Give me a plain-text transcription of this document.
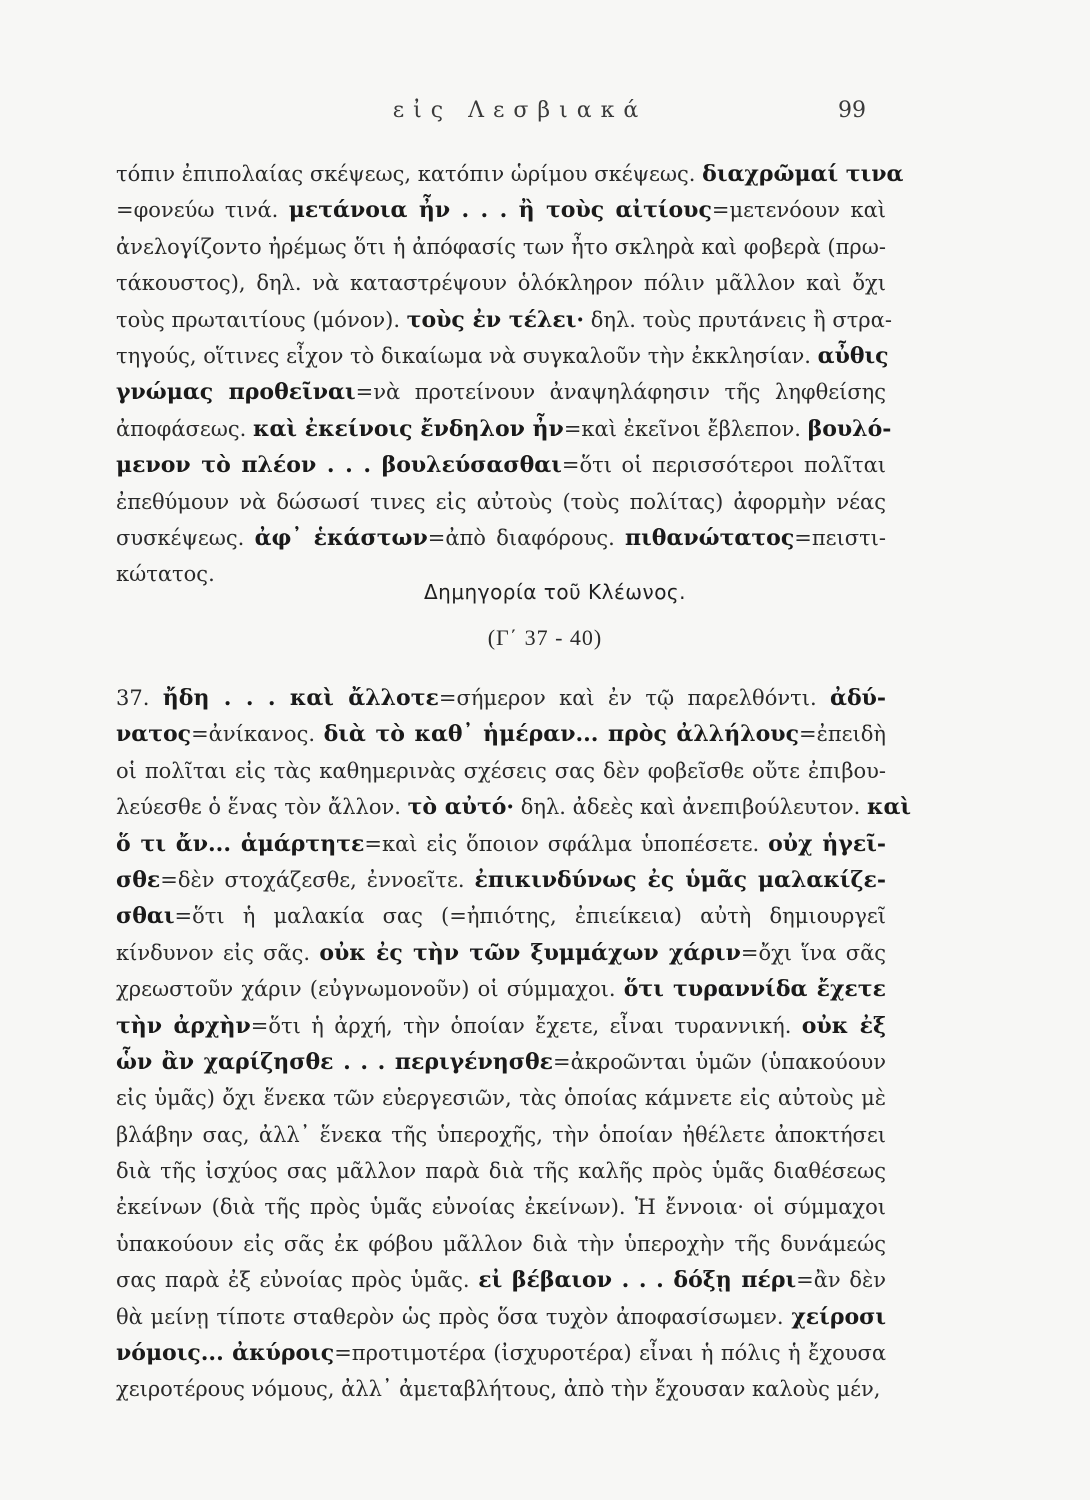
εἰς Λεσβιακά	99
τόπιν ἐπιπολαίας σκέψεως, κατόπιν ὡρίμου σκέψεως. διαχρῶμαί τινα
=φονεύω τινά. μετάνοια ἦν . . . ἢ τοὺς αἰτίους=μετενόουν καὶ
ἀνελογίζοντο ἠρέμως ὅτι ἡ ἀπόφασίς των ἦτο σκληρὰ καὶ φοβερὰ (πρω-
τάκουστος), δηλ. νὰ καταστρέψουν ὁλόκληρον πόλιν μᾶλλον καὶ ὄχι
τοὺς πρωταιτίους (μόνον). τοὺς ἐν τέλει· δηλ. τοὺς πρυτάνεις ἢ στρα-
τηγούς, οἵτινες εἶχον τὸ δικαίωμα νὰ συγκαλοῦν τὴν ἐκκλησίαν. αὖθις
γνώμας προθεῖναι=νὰ προτείνουν ἀναψηλάφησιν τῆς ληφθείσης
ἀποφάσεως. καὶ ἐκείνοις ἔνδηλον ἦν=καὶ ἐκεῖνοι ἔβλεπον. βουλό-
μενον τὸ πλέον . . . βουλεύσασθαι=ὅτι οἱ περισσότεροι πολῖται
ἐπεθύμουν νὰ δώσωσί τινες εἰς αὐτοὺς (τοὺς πολίτας) ἀφορμὴν νέας
συσκέψεως. ἀφ᾽ ἑκάστων=ἀπὸ διαφόρους. πιθανώτατος=πειστι-
κώτατος.
Δημηγορία τοῦ Κλέωνος.
(Γ΄ 37 - 40)
37. ἤδη . . . καὶ ἄλλοτε=σήμερον καὶ ἐν τῷ παρελθόντι. ἀδύ-
νατος=ἀνίκανος. διὰ τὸ καθ᾽ ἡμέραν... πρὸς ἀλλήλους=ἐπειδὴ
οἱ πολῖται εἰς τὰς καθημερινὰς σχέσεις σας δὲν φοβεῖσθε οὔτε ἐπιβου-
λεύεσθε ὁ ἕνας τὸν ἄλλον. τὸ αὐτό· δηλ. ἀδεὲς καὶ ἀνεπιβούλευτον. καὶ
ὅ τι ἄν... ἁμάρτητε=καὶ εἰς ὅποιον σφάλμα ὑποπέσετε. οὐχ ἡγεῖ-
σθε=δὲν στοχάζεσθε, ἐννοεῖτε. ἐπικινδύνως ἐς ὑμᾶς μαλακίζε-
σθαι=ὅτι ἡ μαλακία σας (=ἠπιότης, ἐπιείκεια) αὐτὴ δημιουργεῖ
κίνδυνον εἰς σᾶς. οὐκ ἐς τὴν τῶν ξυμμάχων χάριν=ὄχι ἵνα σᾶς
χρεωστοῦν χάριν (εὐγνωμονοῦν) οἱ σύμμαχοι. ὅτι τυραννίδα ἔχετε
τὴν ἀρχὴν=ὅτι ἡ ἀρχή, τὴν ὁποίαν ἔχετε, εἶναι τυραννική. οὐκ ἐξ
ὧν ἂν χαρίζησθε . . . περιγένησθε=ἀκροῶνται ὑμῶν (ὑπακούουν
εἰς ὑμᾶς) ὄχι ἕνεκα τῶν εὐεργεσιῶν, τὰς ὁποίας κάμνετε εἰς αὐτοὺς μὲ
βλάβην σας, ἀλλ᾽ ἕνεκα τῆς ὑπεροχῆς, τὴν ὁποίαν ἠθέλετε ἀποκτήσει
διὰ τῆς ἰσχύος σας μᾶλλον παρὰ διὰ τῆς καλῆς πρὸς ὑμᾶς διαθέσεως
ἐκείνων (διὰ τῆς πρὸς ὑμᾶς εὐνοίας ἐκείνων). Ἡ ἔννοια· οἱ σύμμαχοι
ὑπακούουν εἰς σᾶς ἐκ φόβου μᾶλλον διὰ τὴν ὑπεροχὴν τῆς δυνάμεώς
σας παρὰ ἐξ εὐνοίας πρὸς ὑμᾶς. εἰ βέβαιον . . . δόξῃ πέρι=ἂν δὲν
θὰ μείνῃ τίποτε σταθερὸν ὡς πρὸς ὅσα τυχὸν ἀποφασίσωμεν. χείροσι
νόμοις... ἀκύροις=προτιμοτέρα (ἰσχυροτέρα) εἶναι ἡ πόλις ἡ ἔχουσα
χειροτέρους νόμους, ἀλλ᾽ ἀμεταβλήτους, ἀπὸ τὴν ἔχουσαν καλοὺς μέν,
